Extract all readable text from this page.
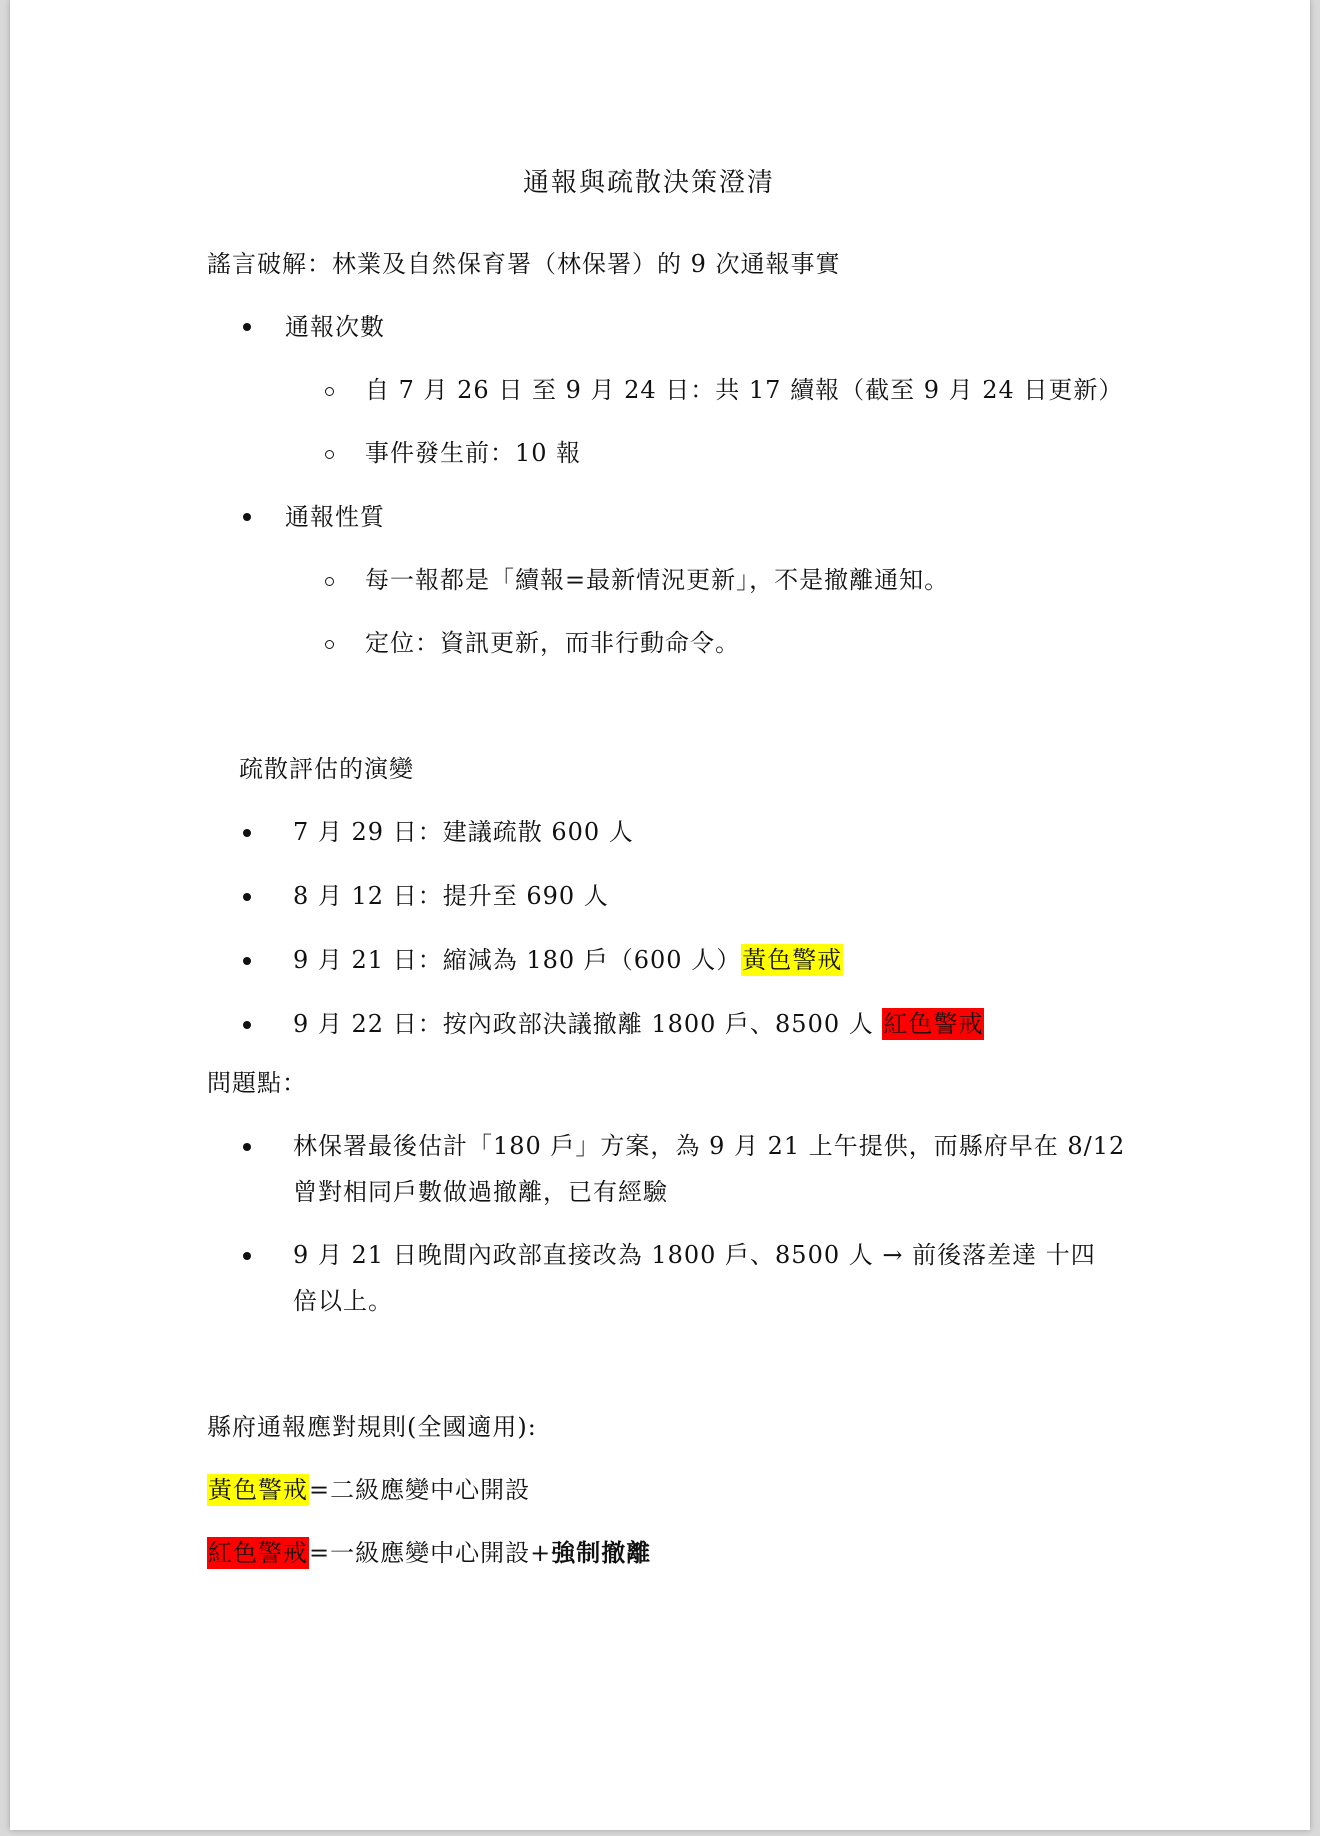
通報與疏散決策澄清
謠言破解：林業及自然保育署（林保署）的 9 次通報事實
通報次數
自 7 月 26 日 至 9 月 24 日：共 17 續報（截至 9 月 24 日更新）
事件發生前：10 報
通報性質
每一報都是「續報=最新情況更新」，不是撤離通知。
定位：資訊更新，而非行動命令。
疏散評估的演變
7 月 29 日：建議疏散 600 人
8 月 12 日：提升至 690 人
9 月 21 日：縮減為 180 戶（600 人）黃色警戒
9 月 22 日：按內政部決議撤離 1800 戶、8500 人 紅色警戒
問題點：
林保署最後估計「180 戶」方案，為 9 月 21 上午提供，而縣府早在 8/12
曾對相同戶數做過撤離，已有經驗
9 月 21 日晚間內政部直接改為 1800 戶、8500 人 → 前後落差達 十四
倍以上。
縣府通報應對規則(全國適用):
黃色警戒=二級應變中心開設
紅色警戒=一級應變中心開設+強制撤離
